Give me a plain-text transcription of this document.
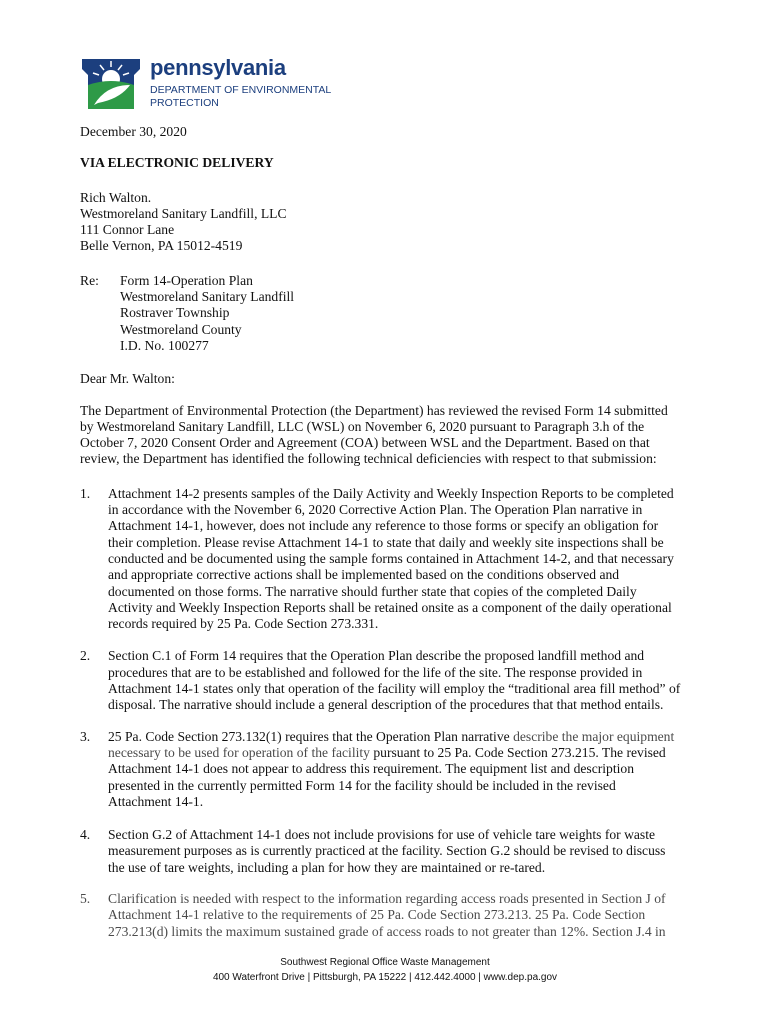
pennsylvania
DEPARTMENT OF ENVIRONMENTAL
PROTECTION
December 30, 2020
VIA ELECTRONIC DELIVERY
Rich Walton.
Westmoreland Sanitary Landfill, LLC
111 Connor Lane
Belle Vernon, PA 15012-4519
Re:	Form 14-Operation Plan
Westmoreland Sanitary Landfill
Rostraver Township
Westmoreland County
I.D. No. 100277
Dear Mr. Walton:
The Department of Environmental Protection (the Department) has reviewed the revised Form 14 submitted
by Westmoreland Sanitary Landfill, LLC (WSL) on November 6, 2020 pursuant to Paragraph 3.h of the
October 7, 2020 Consent Order and Agreement (COA) between WSL and the Department. Based on that
review, the Department has identified the following technical deficiencies with respect to that submission:
1.	Attachment 14-2 presents samples of the Daily Activity and Weekly Inspection Reports to be completed
in accordance with the November 6, 2020 Corrective Action Plan. The Operation Plan narrative in
Attachment 14-1, however, does not include any reference to those forms or specify an obligation for
their completion. Please revise Attachment 14-1 to state that daily and weekly site inspections shall be
conducted and be documented using the sample forms contained in Attachment 14-2, and that necessary
and appropriate corrective actions shall be implemented based on the conditions observed and
documented on those forms. The narrative should further state that copies of the completed Daily
Activity and Weekly Inspection Reports shall be retained onsite as a component of the daily operational
records required by 25 Pa. Code Section 273.331.
2.	Section C.1 of Form 14 requires that the Operation Plan describe the proposed landfill method and
procedures that are to be established and followed for the life of the site. The response provided in
Attachment 14-1 states only that operation of the facility will employ the “traditional area fill method” of
disposal. The narrative should include a general description of the procedures that that method entails.
3.	25 Pa. Code Section 273.132(1) requires that the Operation Plan narrative describe the major equipment
necessary to be used for operation of the facility pursuant to 25 Pa. Code Section 273.215. The revised
Attachment 14-1 does not appear to address this requirement. The equipment list and description
presented in the currently permitted Form 14 for the facility should be included in the revised
Attachment 14-1.
4.	Section G.2 of Attachment 14-1 does not include provisions for use of vehicle tare weights for waste
measurement purposes as is currently practiced at the facility. Section G.2 should be revised to discuss
the use of tare weights, including a plan for how they are maintained or re-tared.
5.	Clarification is needed with respect to the information regarding access roads presented in Section J of
Attachment 14-1 relative to the requirements of 25 Pa. Code Section 273.213. 25 Pa. Code Section
273.213(d) limits the maximum sustained grade of access roads to not greater than 12%. Section J.4 in
Southwest Regional Office Waste Management
400 Waterfront Drive | Pittsburgh, PA 15222 | 412.442.4000 | www.dep.pa.gov
